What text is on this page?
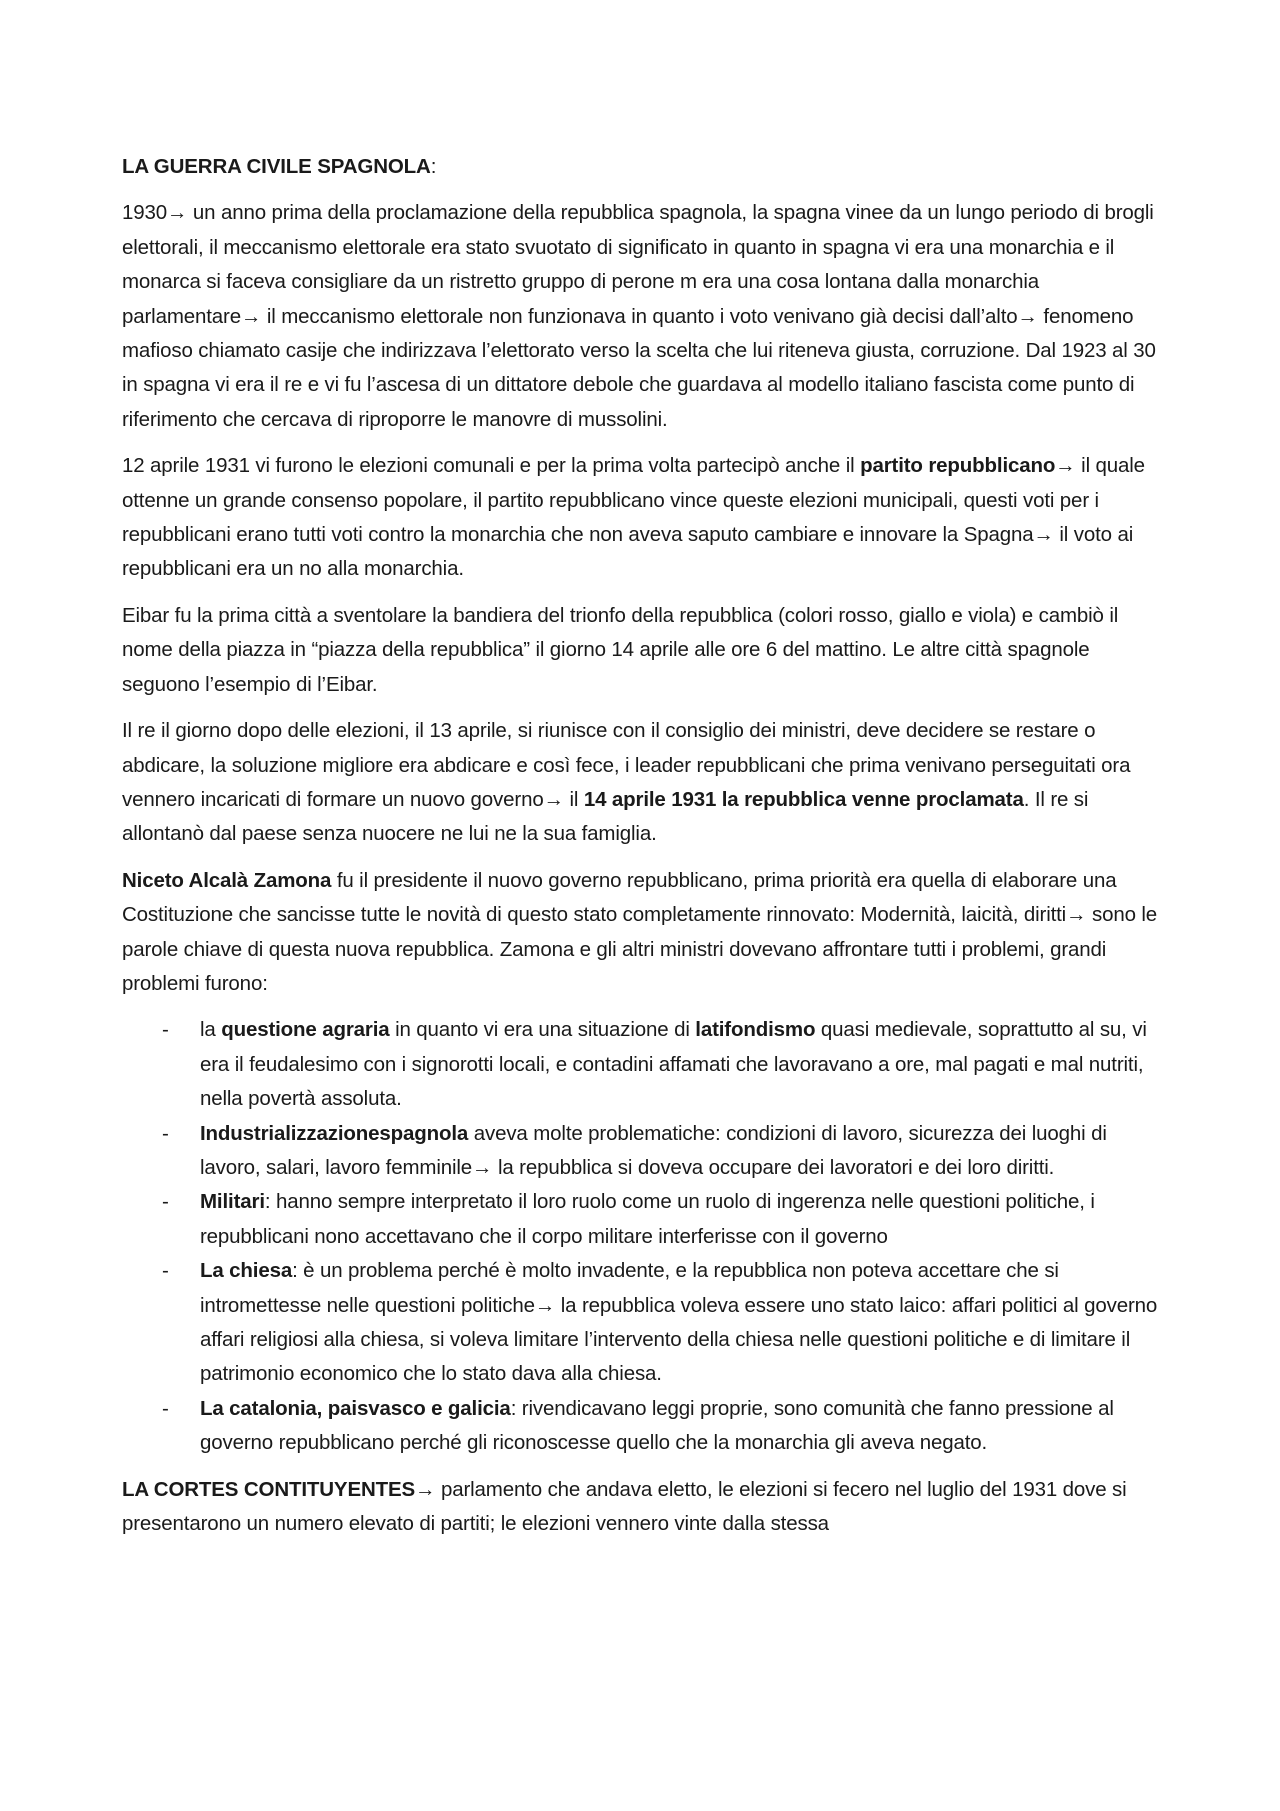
LA GUERRA CIVILE SPAGNOLA:

1930→ un anno prima della proclamazione della repubblica spagnola, la spagna vinee da un lungo periodo di brogli elettorali, il meccanismo elettorale era stato svuotato di significato in quanto in spagna vi era una monarchia e il monarca si faceva consigliare da un ristretto gruppo di perone m era una cosa lontana dalla monarchia parlamentare→ il meccanismo elettorale non funzionava in quanto i voto venivano già decisi dall’alto→ fenomeno mafioso chiamato casije che indirizzava l’elettorato verso la scelta che lui riteneva giusta, corruzione. Dal 1923 al 30 in spagna vi era il re e vi fu l’ascesa di un dittatore debole che guardava al modello italiano fascista come punto di riferimento che cercava di riproporre le manovre di mussolini.

12 aprile 1931 vi furono le elezioni comunali e per la prima volta partecipò anche il partito repubblicano→ il quale ottenne un grande consenso popolare, il partito repubblicano vince queste elezioni municipali, questi voti per i repubblicani erano tutti voti contro la monarchia che non aveva saputo cambiare e innovare la Spagna→ il voto ai repubblicani era un no alla monarchia.

Eibar fu la prima città a sventolare la bandiera del trionfo della repubblica (colori rosso, giallo e viola) e cambiò il nome della piazza in “piazza della repubblica” il giorno 14 aprile alle ore 6 del mattino. Le altre città spagnole seguono l’esempio di l’Eibar.

Il re il giorno dopo delle elezioni, il 13 aprile, si riunisce con il consiglio dei ministri, deve decidere se restare o abdicare, la soluzione migliore era abdicare e così fece, i leader repubblicani che prima venivano perseguitati ora vennero incaricati di formare un nuovo governo→ il 14 aprile 1931 la repubblica venne proclamata. Il re si allontanò dal paese senza nuocere ne lui ne la sua famiglia.

Niceto Alcalà Zamona fu il presidente il nuovo governo repubblicano, prima priorità era quella di elaborare una Costituzione che sancisse tutte le novità di questo stato completamente rinnovato: Modernità, laicità, diritti→ sono le parole chiave di questa nuova repubblica. Zamona e gli altri ministri dovevano affrontare tutti i problemi, grandi problemi furono:

- la questione agraria in quanto vi era una situazione di latifondismo quasi medievale, soprattutto al su, vi era il feudalesimo con i signorotti locali, e contadini affamati che lavoravano a ore, mal pagati e mal nutriti, nella povertà assoluta.
- Industrializzazionespagnola aveva molte problematiche: condizioni di lavoro, sicurezza dei luoghi di lavoro, salari, lavoro femminile→ la repubblica si doveva occupare dei lavoratori e dei loro diritti.
- Militari: hanno sempre interpretato il loro ruolo come un ruolo di ingerenza nelle questioni politiche, i repubblicani nono accettavano che il corpo militare interferisse con il governo
- La chiesa: è un problema perché è molto invadente, e la repubblica non poteva accettare che si intromettesse nelle questioni politiche→ la repubblica voleva essere uno stato laico: affari politici al governo affari religiosi alla chiesa, si voleva limitare l’intervento della chiesa nelle questioni politiche e di limitare il patrimonio economico che lo stato dava alla chiesa.
- La catalonia, paisvasco e galicia: rivendicavano leggi proprie, sono comunità che fanno pressione al governo repubblicano perché gli riconoscesse quello che la monarchia gli aveva negato.

LA CORTES CONTITUYENTES→ parlamento che andava eletto, le elezioni si fecero nel luglio del 1931 dove si presentarono un numero elevato di partiti; le elezioni vennero vinte dalla stessa
